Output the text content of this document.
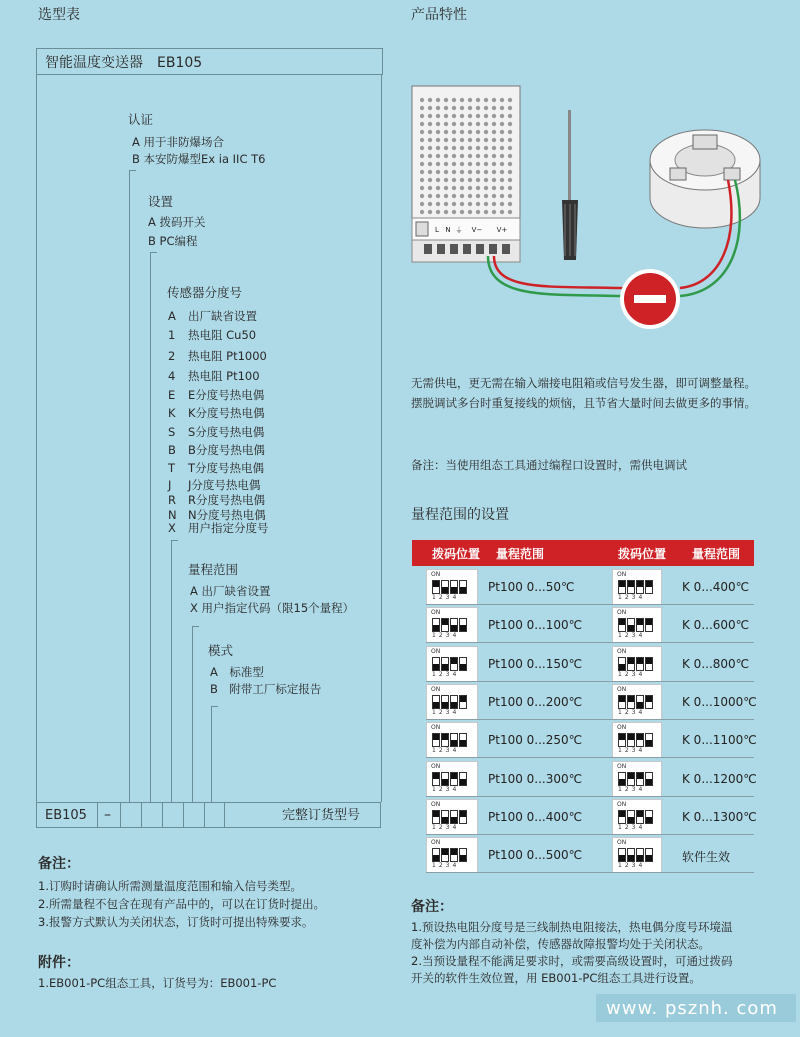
选型表
智能温度变送器　EB105
认证
A 用于非防爆场合
B 本安防爆型Ex ia IIC T6
设置
A 拨码开关
B PC编程
传感器分度号
A 出厂缺省设置
1 热电阻 Cu50
2 热电阻 Pt1000
4 热电阻 Pt100
E E分度号热电偶
K K分度号热电偶
S S分度号热电偶
B B分度号热电偶
T T分度号热电偶
J J分度号热电偶
R R分度号热电偶
N N分度号热电偶
X 用户指定分度号
量程范围
A 出厂缺省设置
X 用户指定代码（限15个量程）
模式
A　标准型
B　附带工厂标定报告
EB105 –	完整订货型号
备注：
1.订购时请确认所需测量温度范围和输入信号类型。
2.所需量程不包含在现有产品中的，可以在订货时提出。
3.报警方式默认为关闭状态，订货时可提出特殊要求。
附件：
1.EB001-PC组态工具，订货号为：EB001-PC
产品特性
L N ⏚ V− V+
无需供电，更无需在输入端接电阻箱或信号发生器，即可调整量程。
摆脱调试多台时重复接线的烦恼，且节省大量时间去做更多的事情。
备注：当使用组态工具通过编程口设置时，需供电调试
量程范围的设置
拨码位置 量程范围	拨码位置 量程范围
ON
1234
Pt100 0...50℃
ON
1234
K 0...400℃
ON
1234
Pt100 0...100℃
ON
1234
K 0...600℃
ON
1234
Pt100 0...150℃
ON
1234
K 0...800℃
ON
1234
Pt100 0...200℃
ON
1234
K 0...1000℃
ON
1234
Pt100 0...250℃
ON
1234
K 0...1100℃
ON
1234
Pt100 0...300℃
ON
1234
K 0...1200℃
ON
1234
Pt100 0...400℃
ON
1234
K 0...1300℃
ON
1234
Pt100 0...500℃
ON
1234
软件生效
备注：
1.预设热电阻分度号是三线制热电阻接法，热电偶分度号环境温
度补偿为内部自动补偿，传感器故障报警均处于关闭状态。
2.当预设量程不能满足要求时，或需要高级设置时，可通过拨码
开关的软件生效位置，用 EB001-PC组态工具进行设置。
www. psznh. com
